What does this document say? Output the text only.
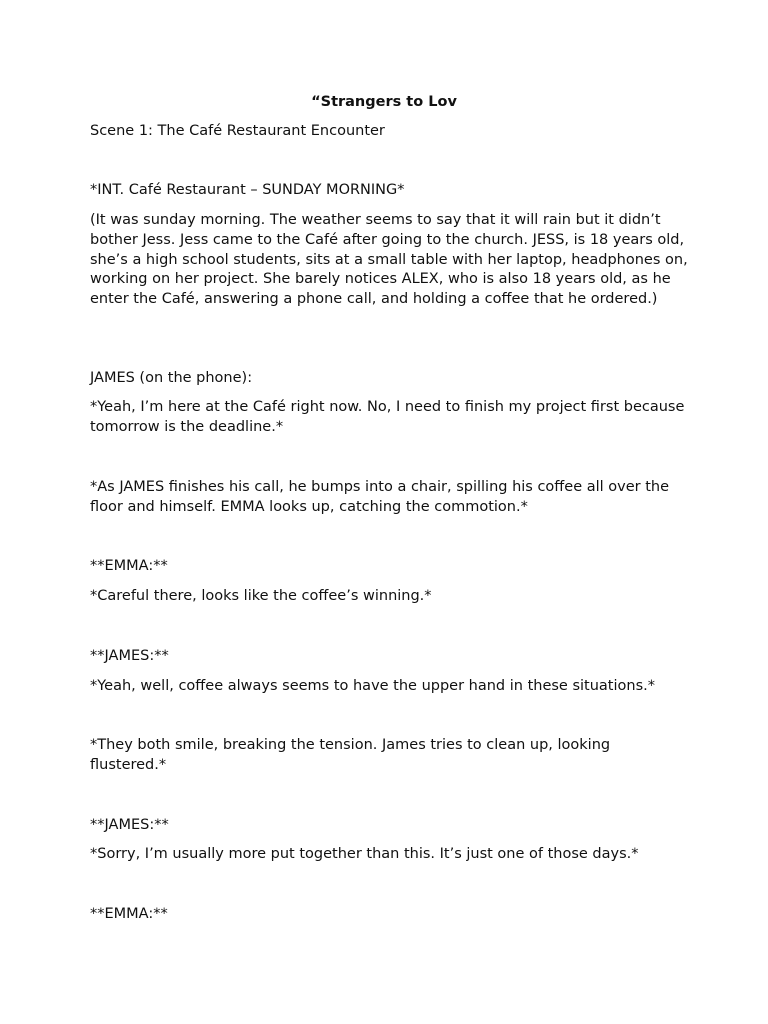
“Strangers to Lov

Scene 1: The Café Restaurant Encounter

*INT. Café Restaurant – SUNDAY MORNING*

(It was sunday morning. The weather seems to say that it will rain but it didn’t bother Jess. Jess came to the Café after going to the church. JESS, is 18 years old, she’s a high school students, sits at a small table with her laptop, headphones on, working on her project. She barely notices ALEX, who is also 18 years old, as he enter the Café, answering a phone call, and holding a coffee that he ordered.)

JAMES (on the phone):

*Yeah, I’m here at the Café right now. No, I need to finish my project first because tomorrow is the deadline.*

*As JAMES finishes his call, he bumps into a chair, spilling his coffee all over the floor and himself. EMMA looks up, catching the commotion.*

**EMMA:**

*Careful there, looks like the coffee’s winning.*

**JAMES:**

*Yeah, well, coffee always seems to have the upper hand in these situations.*

*They both smile, breaking the tension. James tries to clean up, looking flustered.*

**JAMES:**

*Sorry, I’m usually more put together than this. It’s just one of those days.*

**EMMA:**
